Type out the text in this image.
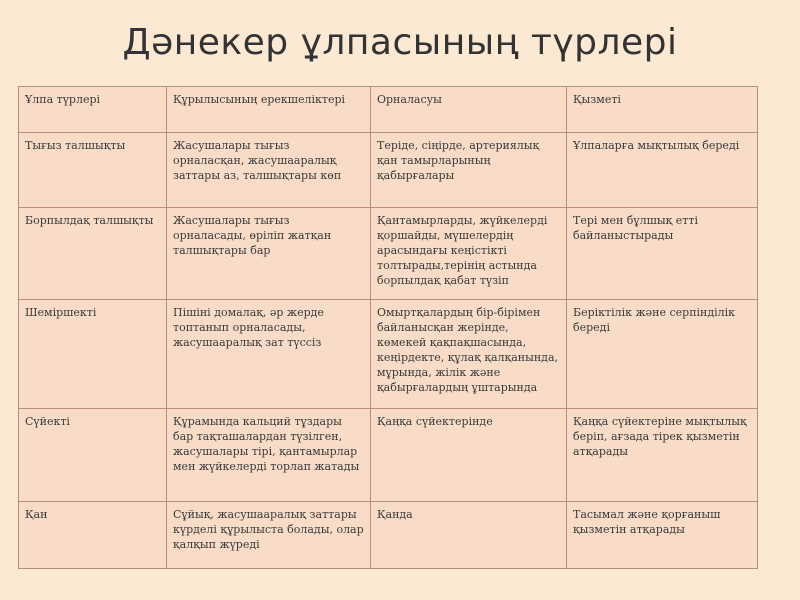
Дәнекер ұлпасының түрлері
Ұлпа түрлері	Құрылысының ерекшеліктері	Орналасуы	Қызметі
Тығыз талшықты	Жасушалары тығыз орналасқан, жасушааралық заттары аз, талшықтары көп	Теріде, сіңірде, артериялық қан тамырларының қабырғалары	Ұлпаларға мықтылық береді
Борпылдақ талшықты	Жасушалары тығыз орналасады, өріліп жатқан талшықтары бар	Қантамырларды, жүйкелерді қоршайды, мүшелердің арасындағы кеңістікті толтырады,терінің астында борпылдақ қабат түзіп	Тері мен бұлшық етті байланыстырады
Шеміршекті	Пішіні домалақ, әр жерде топтанып орналасады, жасушааралық зат түссіз	Омыртқалардың бір-бірімен байланысқан жерінде, көмекей қақпақшасында, кеңірдекте, құлақ қалқанында, мұрында, жілік және қабырғалардың ұштарында	Беріктілік және серпінділік береді
Сүйекті	Құрамында кальций тұздары бар тақташалардан түзілген, жасушалары тірі, қантамырлар мен жүйкелерді торлап жатады	Қаңқа сүйектерінде	Қаңқа сүйектеріне мықтылық беріп, ағзада тірек қызметін атқарады
Қан	Сұйық, жасушааралық заттары күрделі құрылыста болады, олар қалқып жүреді	Қанда	Тасымал және қорғаныш қызметін атқарады
